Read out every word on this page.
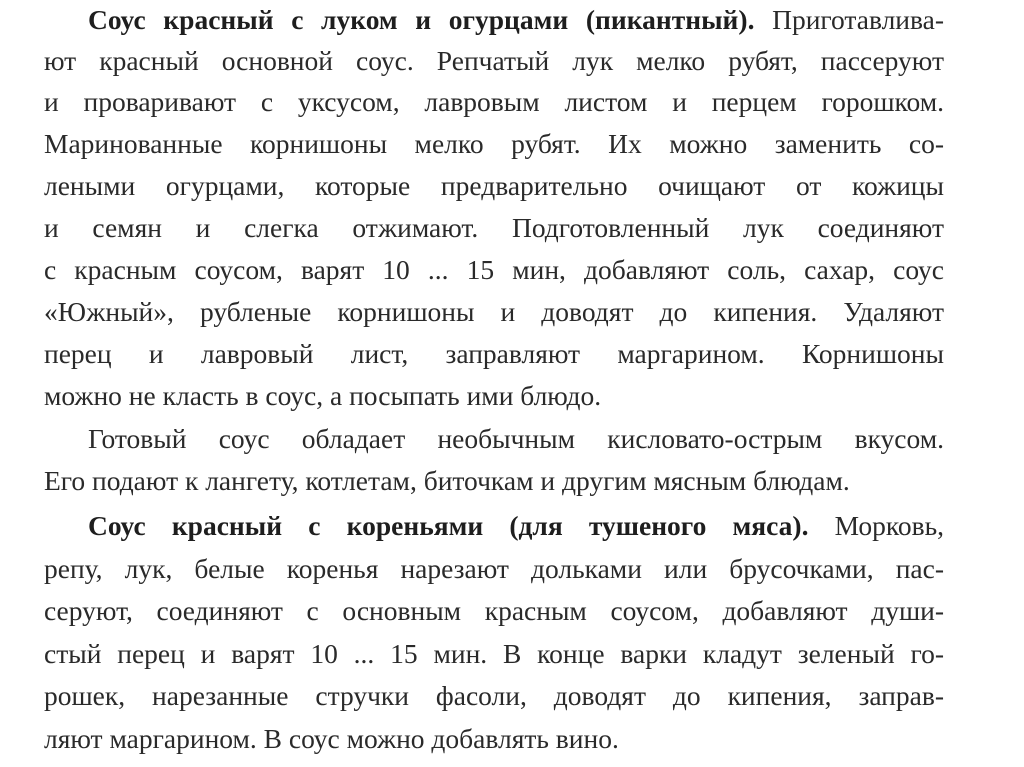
Соус красный с луком и огурцами (пикантный). Приготавлива-
ют красный основной соус. Репчатый лук мелко рубят, пассеруют
и проваривают с уксусом, лавровым листом и перцем горошком.
Маринованные корнишоны мелко рубят. Их можно заменить со-
леными огурцами, которые предварительно очищают от кожицы
и семян и слегка отжимают. Подготовленный лук соединяют
с красным соусом, варят 10 ... 15 мин, добавляют соль, сахар, соус
«Южный», рубленые корнишоны и доводят до кипения. Удаляют
перец и лавровый лист, заправляют маргарином. Корнишоны
можно не класть в соус, а посыпать ими блюдо.
Готовый соус обладает необычным кисловато-острым вкусом.
Его подают к лангету, котлетам, биточкам и другим мясным блюдам.
Соус красный с кореньями (для тушеного мяса). Морковь,
репу, лук, белые коренья нарезают дольками или брусочками, пас-
серуют, соединяют с основным красным соусом, добавляют души-
стый перец и варят 10 ... 15 мин. В конце варки кладут зеленый го-
рошек, нарезанные стручки фасоли, доводят до кипения, заправ-
ляют маргарином. В соус можно добавлять вино.
